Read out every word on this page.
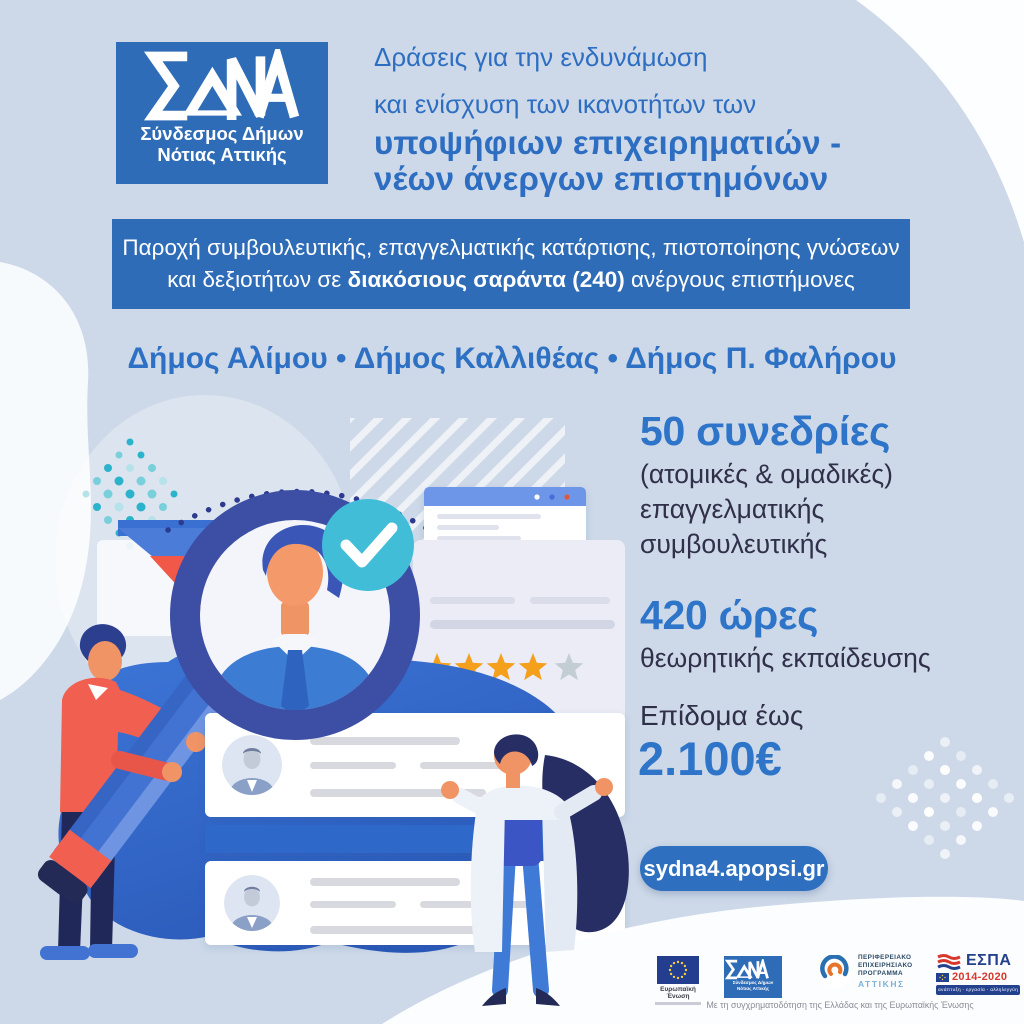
Σύνδεσμος Δήμων
Νότιας Αττικής
Δράσεις για την ενδυνάμωση
και ενίσχυση των ικανοτήτων των
υποψήφιων επιχειρηματιών -
νέων άνεργων επιστημόνων
Παροχή συμβουλευτικής, επαγγελματικής κατάρτισης, πιστοποίησης γνώσεων
και δεξιοτήτων σε διακόσιους σαράντα (240) ανέργους επιστήμονες
Δήμος Αλίμου • Δήμος Καλλιθέας • Δήμος Π. Φαλήρου
50 συνεδρίες
(ατομικές & ομαδικές)
επαγγελματικής
συμβουλευτικής
420 ώρες
θεωρητικής εκπαίδευσης
Επίδομα έως
2.100€
sydna4.apopsi.gr
Ευρωπαϊκή Ένωση
Σύνδεσμος Δήμων
Νότιας Αττικής
ΠΕΡΙΦΕΡΕΙΑΚΟ
ΕΠΙΧΕΙΡΗΣΙΑΚΟ
ΠΡΟΓΡΑΜΜΑ
ΑΤΤΙΚΗΣ
ΕΣΠΑ
2014-2020
ανάπτυξη - εργασία - αλληλεγγύη
Με τη συγχρηματοδότηση της Ελλάδας και της Ευρωπαϊκής Ένωσης
